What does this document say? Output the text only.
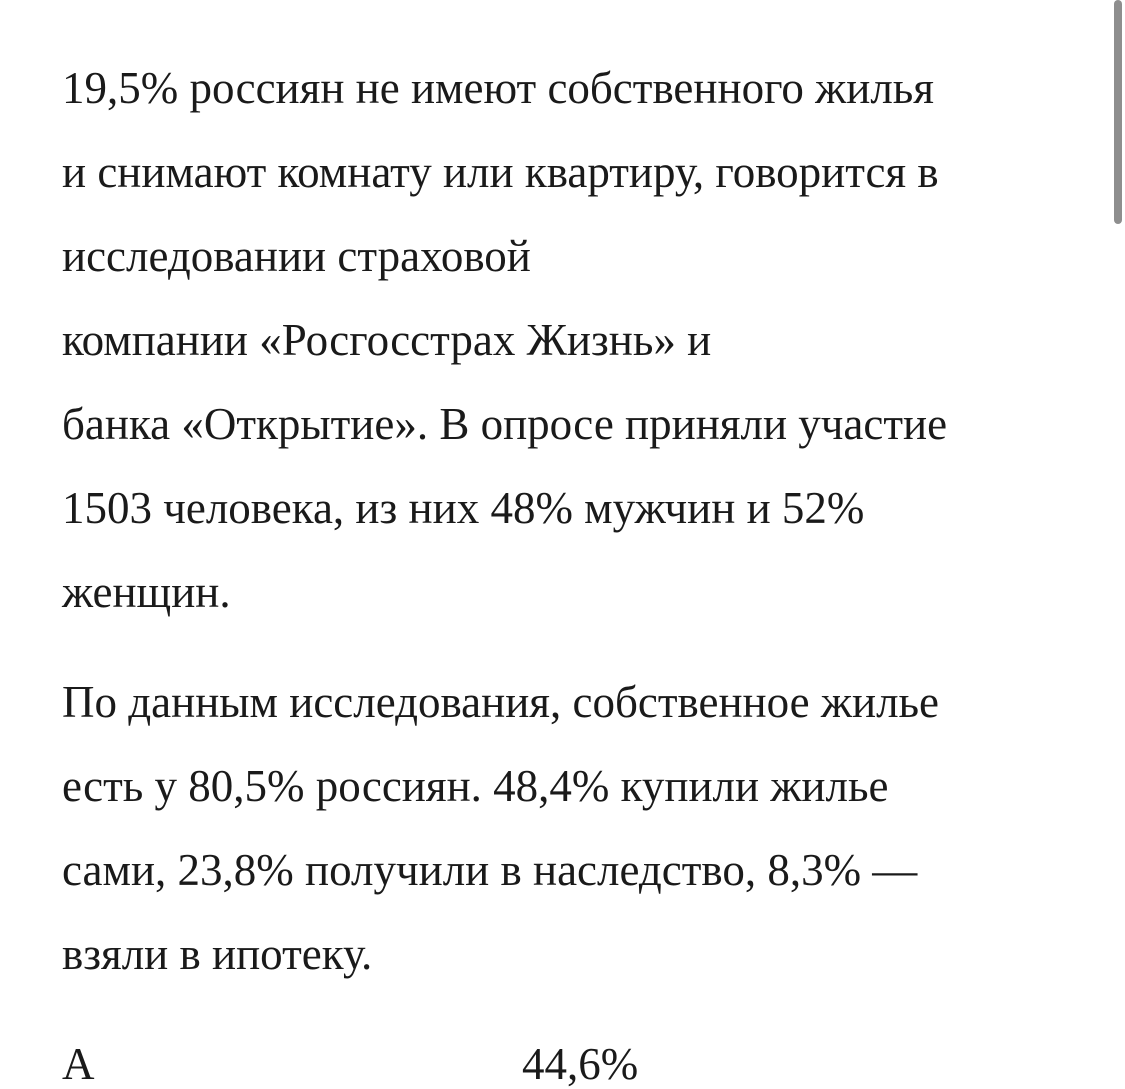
19,5% россиян не имеют собственного жилья
и снимают комнату или квартиру, говорится в
исследовании страховой
компании «Росгосстрах Жизнь» и
банка «Открытие». В опросе приняли участие
1503 человека, из них 48% мужчин и 52%
женщин.
По данным исследования, собственное жилье
есть у 80,5% россиян. 48,4% купили жилье
сами, 23,8% получили в наследство, 8,3% —
взяли в ипотеку.
А                                      44,6%
